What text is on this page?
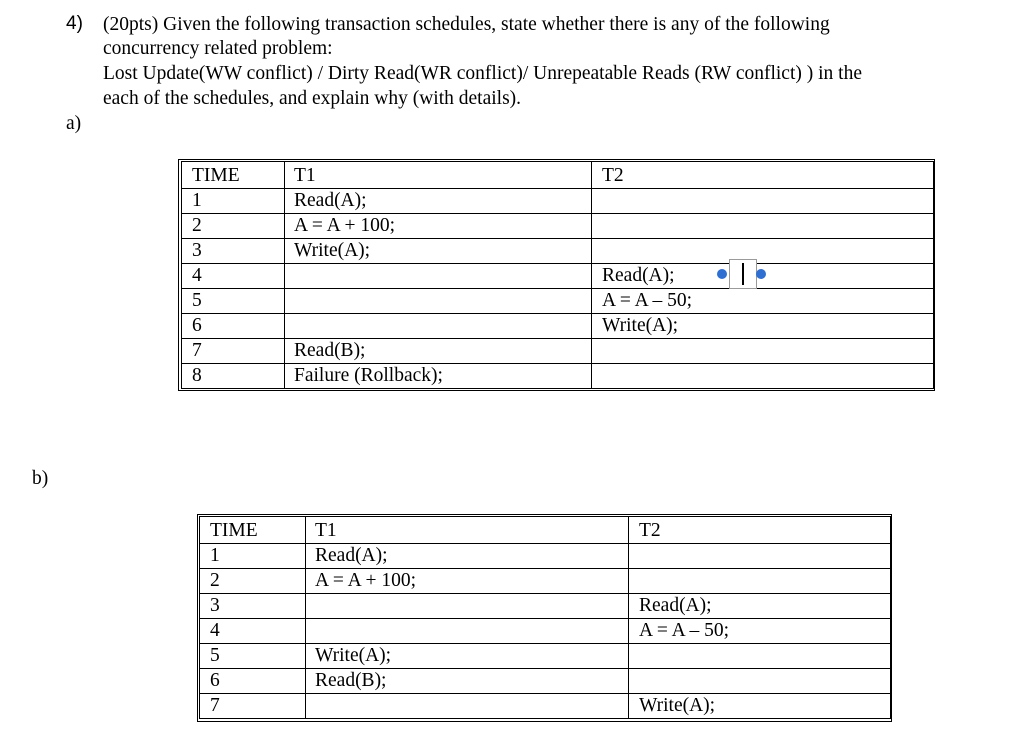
4) (20pts) Given the following transaction schedules, state whether there is any of the following
concurrency related problem:
Lost Update(WW conflict) / Dirty Read(WR conflict)/ Unrepeatable Reads (RW conflict) ) in the
each of the schedules, and explain why (with details).
a)
TIME	T1	T2
1	Read(A);	
2	A = A + 100;	
3	Write(A);	
4		Read(A);
5		A = A – 50;
6		Write(A);
7	Read(B);	
8	Failure (Rollback);	
b)
TIME	T1	T2
1	Read(A);	
2	A = A + 100;	
3		Read(A);
4		A = A – 50;
5	Write(A);	
6	Read(B);	
7		Write(A);
